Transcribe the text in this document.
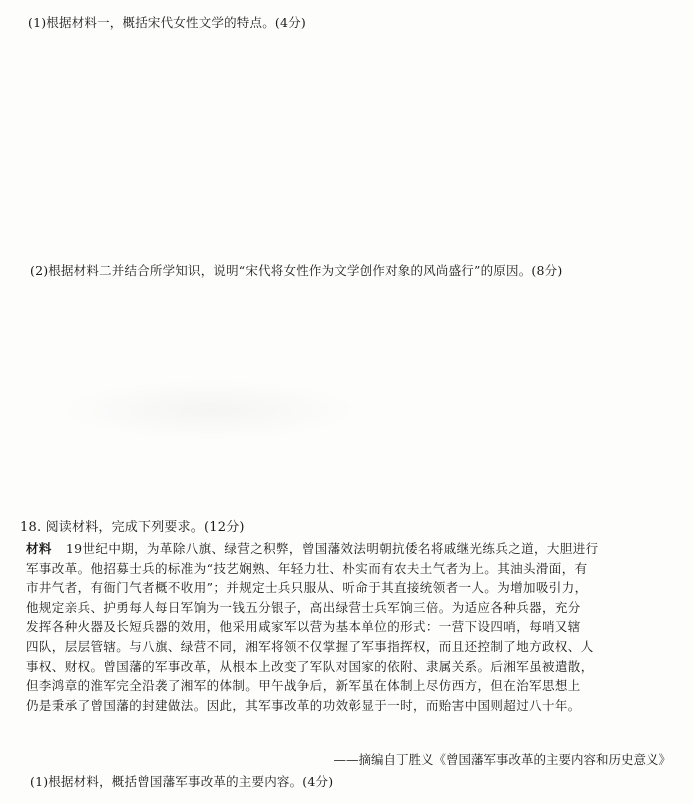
(1)根据材料一，概括宋代女性文学的特点。(4分)
(2)根据材料二并结合所学知识，说明“宋代将女性作为文学创作对象的风尚盛行”的原因。(8分)
18. 阅读材料，完成下列要求。(12分)
材料 19世纪中期，为革除八旗、绿营之积弊，曾国藩效法明朝抗倭名将戚继光练兵之道，大胆进行
军事改革。他招募士兵的标准为“技艺娴熟、年轻力壮、朴实而有农夫土气者为上。其油头滑面，有
市井气者，有衙门气者概不收用”；并规定士兵只服从、听命于其直接统领者一人。为增加吸引力，
他规定亲兵、护勇每人每日军饷为一钱五分银子，高出绿营士兵军饷三倍。为适应各种兵器，充分
发挥各种火器及长短兵器的效用，他采用咸家军以营为基本单位的形式：一营下设四哨，每哨又辖
四队，层层管辖。与八旗、绿营不同，湘军将领不仅掌握了军事指挥权，而且还控制了地方政权、人
事权、财权。曾国藩的军事改革，从根本上改变了军队对国家的依附、隶属关系。后湘军虽被遣散，
但李鸿章的淮军完全沿袭了湘军的体制。甲午战争后，新军虽在体制上尽仿西方，但在治军思想上
仍是秉承了曾国藩的封建做法。因此，其军事改革的功效彰显于一时，而贻害中国则超过八十年。
——摘编自丁胜义《曾国藩军事改革的主要内容和历史意义》
(1)根据材料，概括曾国藩军事改革的主要内容。(4分)
